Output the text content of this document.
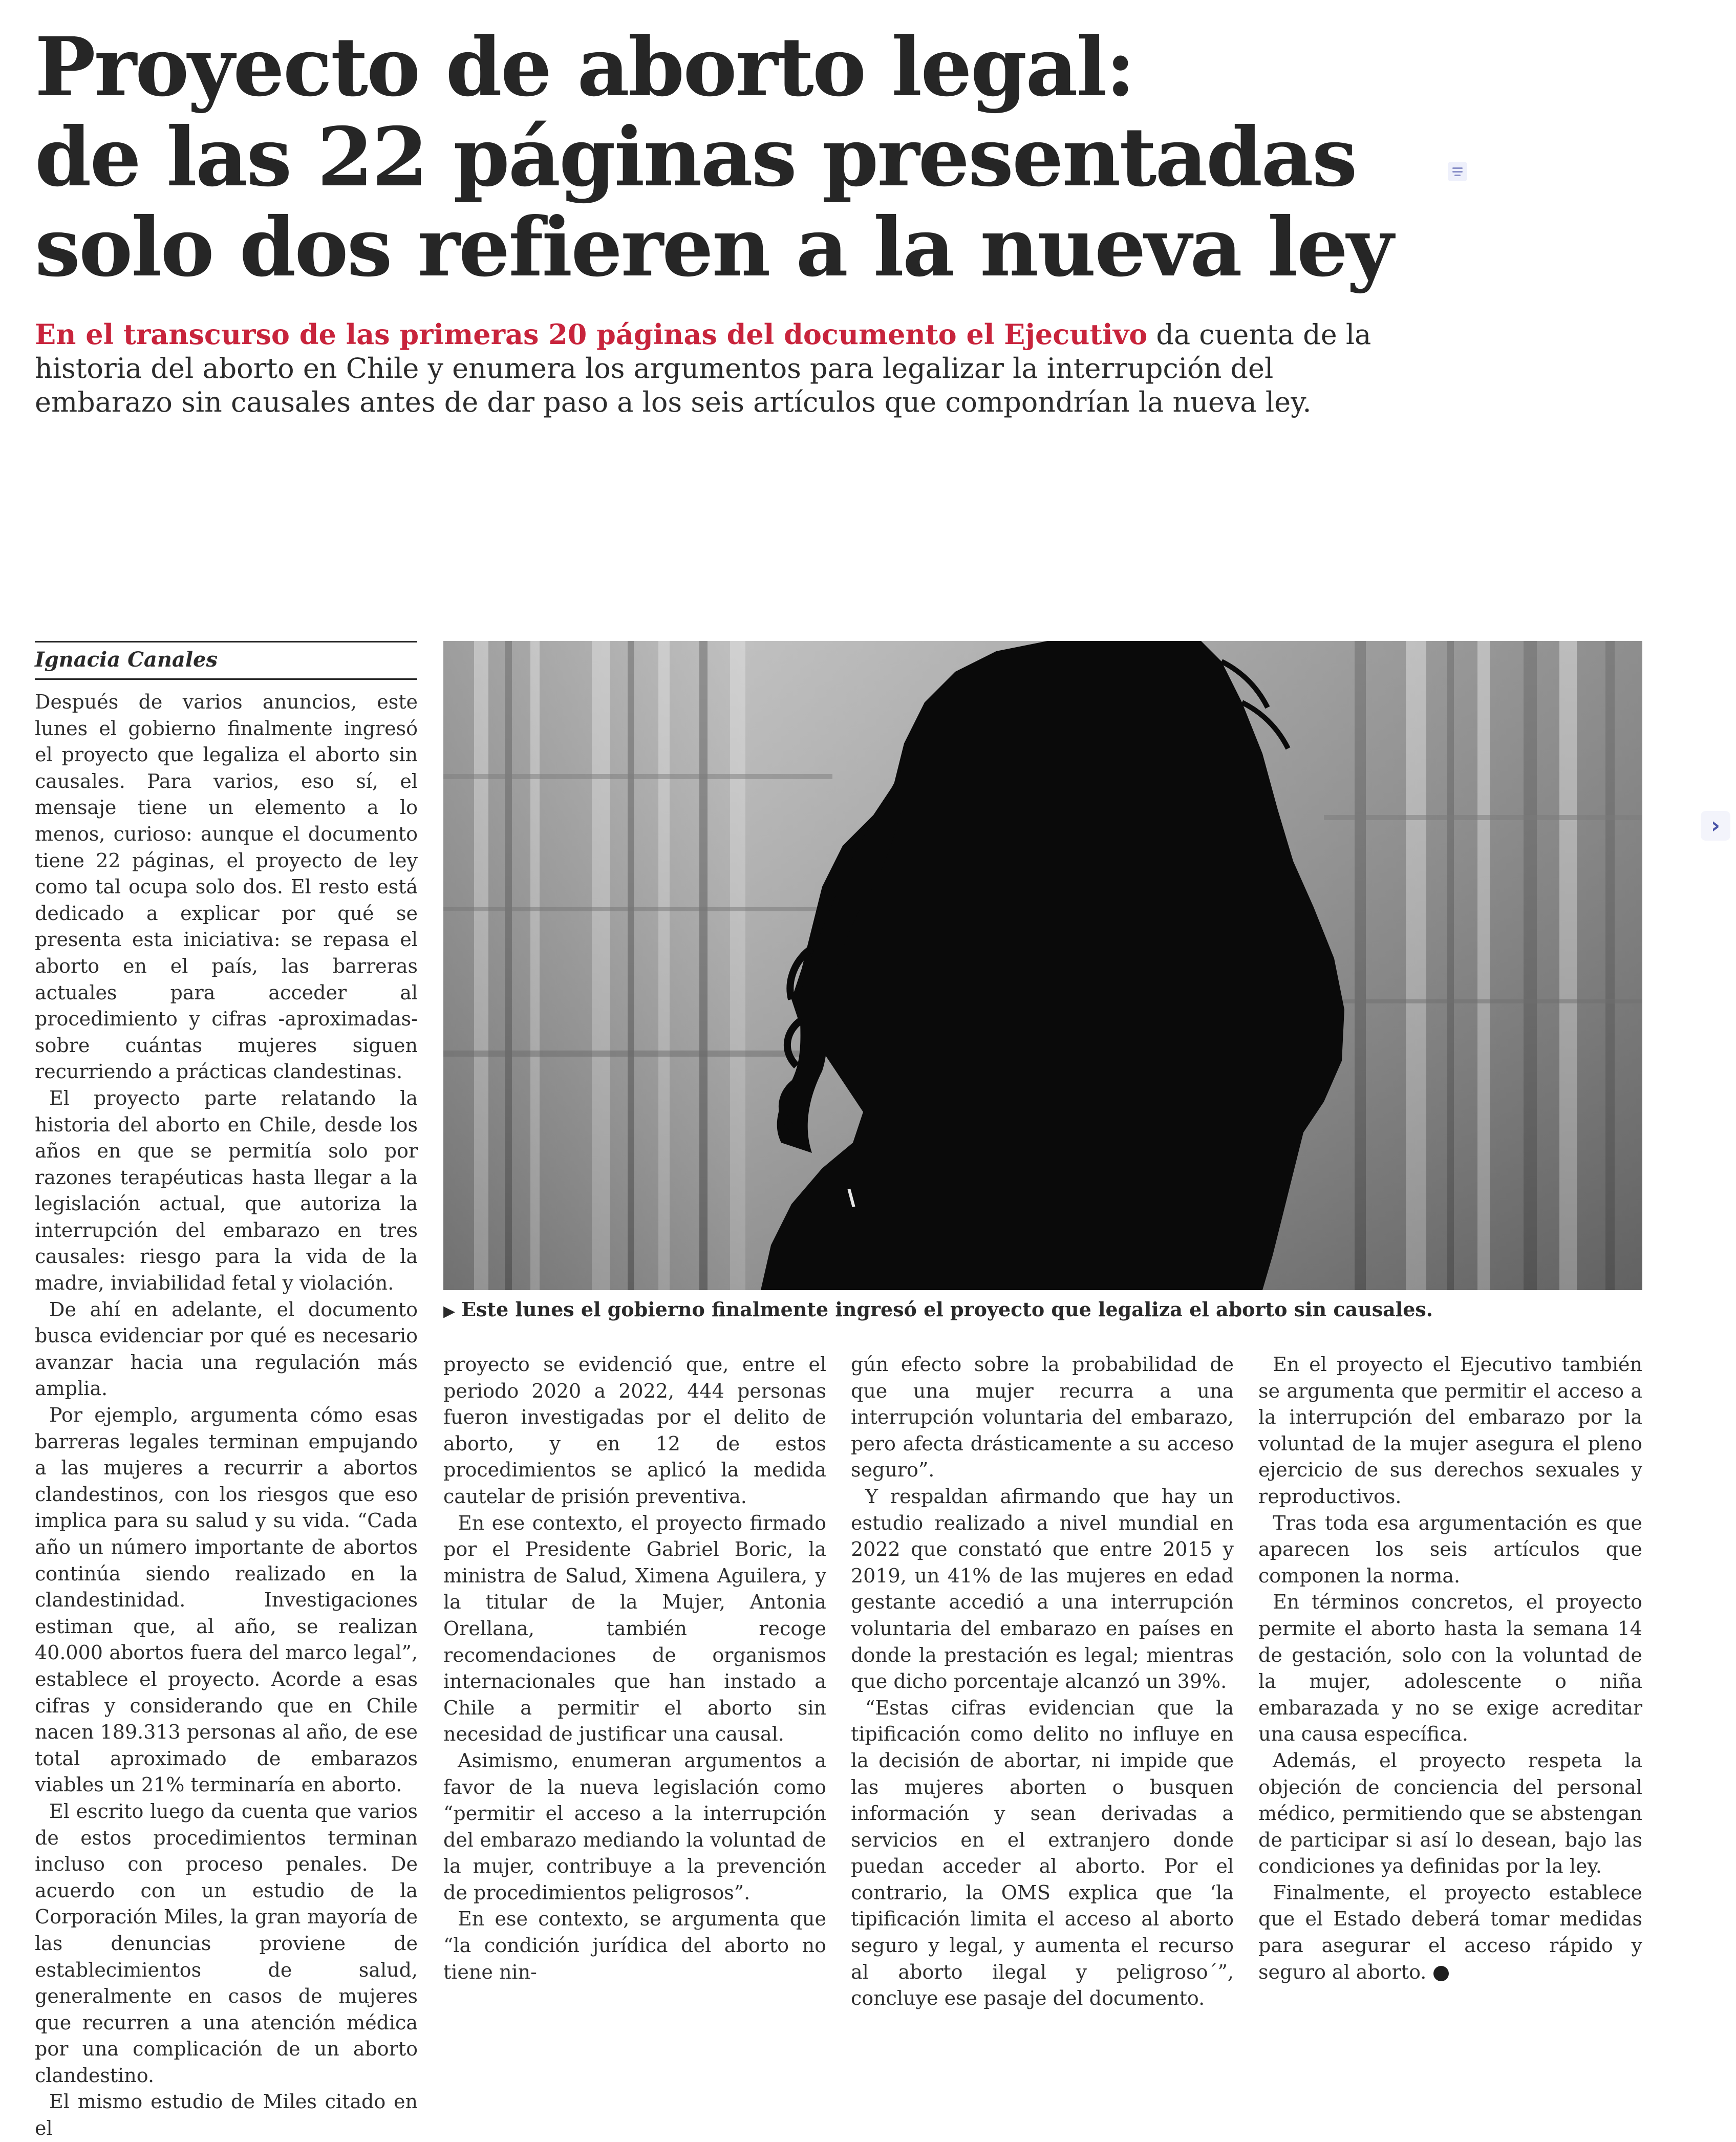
Proyecto de aborto legal:
de las 22 páginas presentadas
solo dos refieren a la nueva ley

En el transcurso de las primeras 20 páginas del documento el Ejecutivo da cuenta de la
historia del aborto en Chile y enumera los argumentos para legalizar la interrupción del
embarazo sin causales antes de dar paso a los seis artículos que compondrían la nueva ley.

Ignacia Canales
▶ Este lunes el gobierno finalmente ingresó el proyecto que legaliza el aborto sin causales.
›

Después de varios anuncios, este lunes el gobierno finalmente ingresó el proyecto que legaliza el aborto sin causales. Para varios, eso sí, el mensaje tiene un elemento a lo menos, curioso: aunque el documento tiene 22 páginas, el proyecto de ley como tal ocupa solo dos. El resto está dedicado a explicar por qué se presenta esta iniciativa: se repasa el aborto en el país, las barreras actuales para acceder al procedimiento y cifras -aproximadas- sobre cuántas mujeres siguen recurriendo a prácticas clandestinas.

El proyecto parte relatando la historia del aborto en Chile, desde los años en que se permitía solo por razones terapéuticas hasta llegar a la legislación actual, que autoriza la interrupción del embarazo en tres causales: riesgo para la vida de la madre, inviabilidad fetal y violación.

De ahí en adelante, el documento busca evidenciar por qué es necesario avanzar hacia una regulación más amplia.

Por ejemplo, argumenta cómo esas barreras legales terminan empujando a las mujeres a recurrir a abortos clandestinos, con los riesgos que eso implica para su salud y su vida. “Cada año un número importante de abortos continúa siendo realizado en la clandestinidad. Investigaciones estiman que, al año, se realizan 40.000 abortos fuera del marco legal”, establece el proyecto. Acorde a esas cifras y considerando que en Chile nacen 189.313 personas al año, de ese total aproximado de embarazos viables un 21% terminaría en aborto.

El escrito luego da cuenta que varios de estos procedimientos terminan incluso con proceso penales. De acuerdo con un estudio de la Corporación Miles, la gran mayoría de las denuncias proviene de establecimientos de salud, generalmente en casos de mujeres que recurren a una atención médica por una complicación de un aborto clandestino.

El mismo estudio de Miles citado en el

proyecto se evidenció que, entre el periodo 2020 a 2022, 444 personas fueron investigadas por el delito de aborto, y en 12 de estos procedimientos se aplicó la medida cautelar de prisión preventiva.

En ese contexto, el proyecto firmado por el Presidente Gabriel Boric, la ministra de Salud, Ximena Aguilera, y la titular de la Mujer, Antonia Orellana, también recoge recomendaciones de organismos internacionales que han instado a Chile a permitir el aborto sin necesidad de justificar una causal.

Asimismo, enumeran argumentos a favor de la nueva legislación como “permitir el acceso a la interrupción del embarazo mediando la voluntad de la mujer, contribuye a la prevención de procedimientos peligrosos”.

En ese contexto, se argumenta que “la condición jurídica del aborto no tiene nin-

gún efecto sobre la probabilidad de que una mujer recurra a una interrupción voluntaria del embarazo, pero afecta drásticamente a su acceso seguro”.

Y respaldan afirmando que hay un estudio realizado a nivel mundial en 2022 que constató que entre 2015 y 2019, un 41% de las mujeres en edad gestante accedió a una interrupción voluntaria del embarazo en países en donde la prestación es legal; mientras que dicho porcentaje alcanzó un 39%.

“Estas cifras evidencian que la tipificación como delito no influye en la decisión de abortar, ni impide que las mujeres aborten o busquen información y sean derivadas a servicios en el extranjero donde puedan acceder al aborto. Por el contrario, la OMS explica que ‘la tipificación limita el acceso al aborto seguro y legal, y aumenta el recurso al aborto ilegal y peligroso´”, concluye ese pasaje del documento.

En el proyecto el Ejecutivo también se argumenta que permitir el acceso a la interrupción del embarazo por la voluntad de la mujer asegura el pleno ejercicio de sus derechos sexuales y reproductivos.

Tras toda esa argumentación es que aparecen los seis artículos que componen la norma.

En términos concretos, el proyecto permite el aborto hasta la semana 14 de gestación, solo con la voluntad de la mujer, adolescente o niña embarazada y no se exige acreditar una causa específica.

Además, el proyecto respeta la objeción de conciencia del personal médico, permitiendo que se abstengan de participar si así lo desean, bajo las condiciones ya definidas por la ley.

Finalmente, el proyecto establece que el Estado deberá tomar medidas para asegurar el acceso rápido y seguro al aborto.
